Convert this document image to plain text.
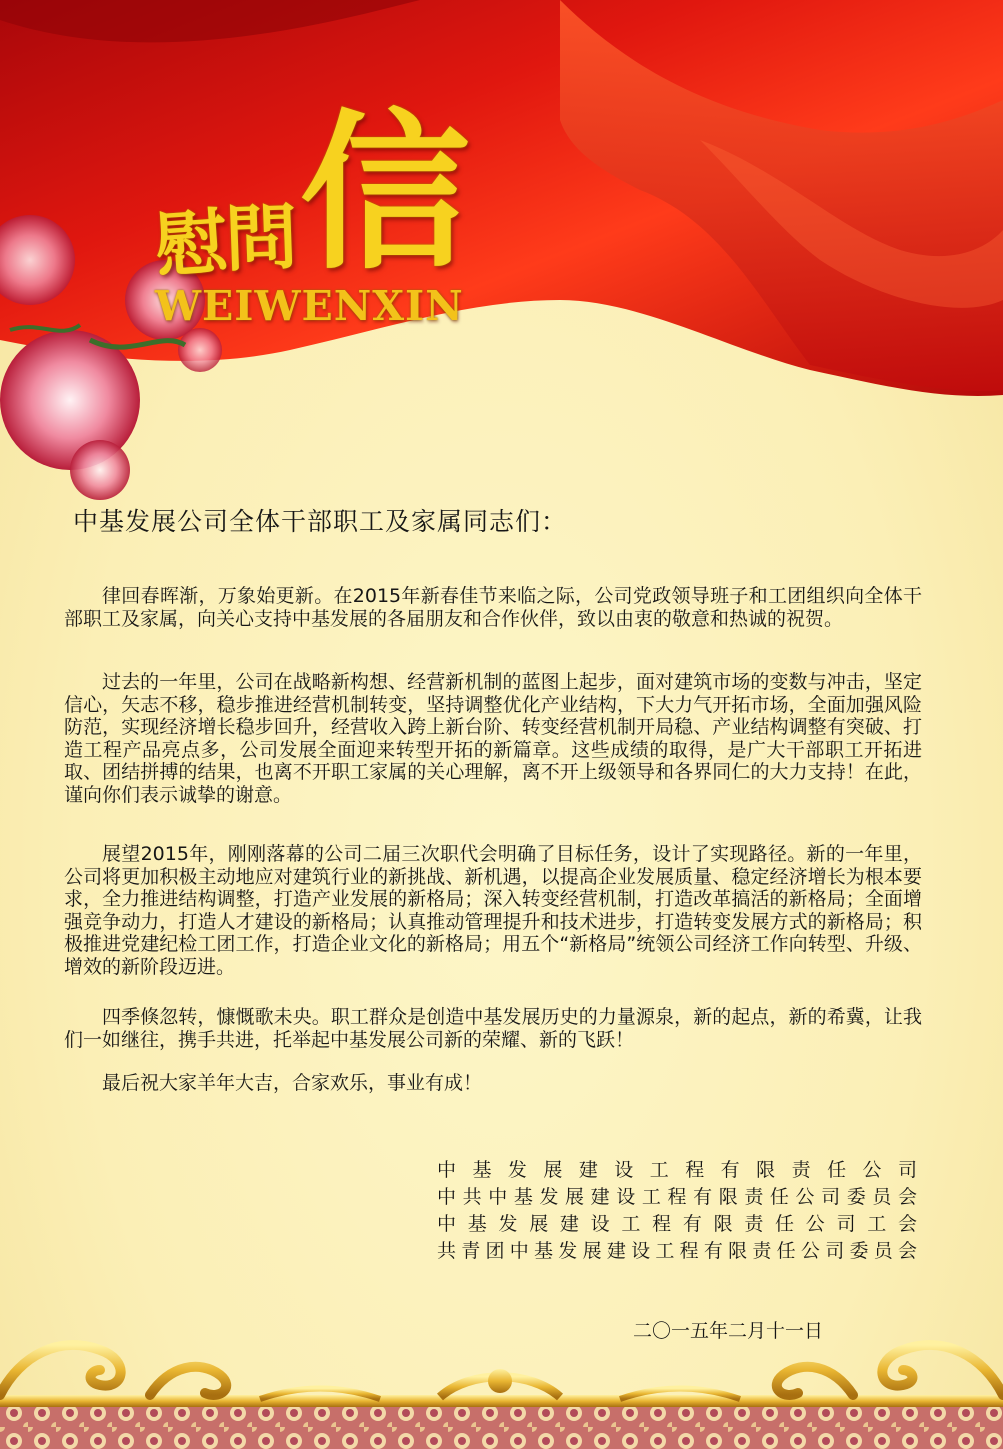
慰
問 信
WEIWENXIN
中基发展公司全体干部职工及家属同志们：

律回春晖渐，万象始更新。在2015年新春佳节来临之际，公司党政领导班子和工团组织向全体干部职工及家属，向关心支持中基发展的各届朋友和合作伙伴，致以由衷的敬意和热诚的祝贺。

过去的一年里，公司在战略新构想、经营新机制的蓝图上起步，面对建筑市场的变数与冲击，坚定信心，矢志不移，稳步推进经营机制转变，坚持调整优化产业结构，下大力气开拓市场，全面加强风险防范，实现经济增长稳步回升，经营收入跨上新台阶、转变经营机制开局稳、产业结构调整有突破、打造工程产品亮点多，公司发展全面迎来转型开拓的新篇章。这些成绩的取得，是广大干部职工开拓进取、团结拼搏的结果，也离不开职工家属的关心理解，离不开上级领导和各界同仁的大力支持！在此，谨向你们表示诚挚的谢意。

展望2015年，刚刚落幕的公司二届三次职代会明确了目标任务，设计了实现路径。新的一年里，公司将更加积极主动地应对建筑行业的新挑战、新机遇，以提高企业发展质量、稳定经济增长为根本要求，全力推进结构调整，打造产业发展的新格局；深入转变经营机制，打造改革搞活的新格局；全面增强竞争动力，打造人才建设的新格局；认真推动管理提升和技术进步，打造转变发展方式的新格局；积极推进党建纪检工团工作，打造企业文化的新格局；用五个“新格局”统领公司经济工作向转型、升级、增效的新阶段迈进。

四季倏忽转，慷慨歌未央。职工群众是创造中基发展历史的力量源泉，新的起点，新的希冀，让我们一如继往，携手共进，托举起中基发展公司新的荣耀、新的飞跃！

最后祝大家羊年大吉，合家欢乐，事业有成！

中基发展建设工程有限责任公司
中共中基发展建设工程有限责任公司委员会
中基发展建设工程有限责任公司工会
共青团中基发展建设工程有限责任公司委员会
二〇一五年二月十一日
